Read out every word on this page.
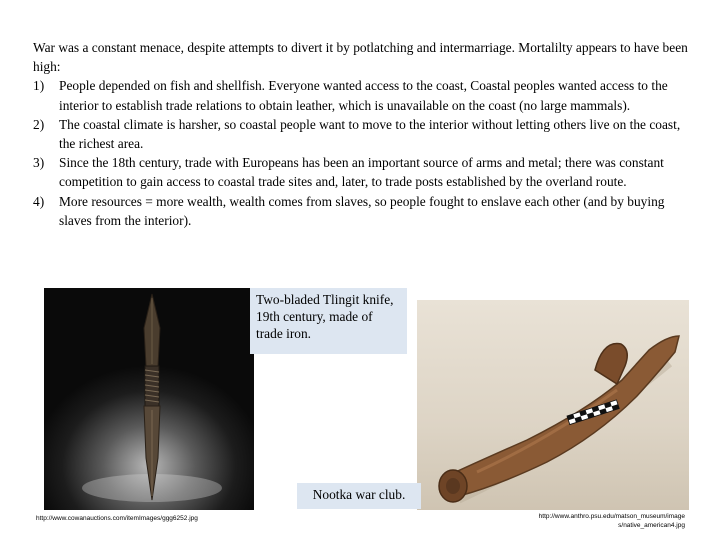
War was a constant menace, despite attempts to divert it by potlatching and intermarriage. Mortalilty appears to have been high:

1) People depended on fish and shellfish. Everyone wanted access to the coast, Coastal peoples wanted access to the interior to establish trade relations to obtain leather, which is unavailable on the coast (no large mammals).
2) The coastal climate is harsher, so coastal people want to move to the interior without letting others live on the coast, the richest area.
3) Since the 18th century, trade with Europeans has been an important source of arms and metal; there was constant competition to gain access to coastal trade sites and, later, to trade posts established by the overland route.
4) More resources = more wealth, wealth comes from slaves, so people fought to enslave each other (and by buying slaves from the interior).
Two-bladed Tlingit knife, 19th century, made of trade iron.
Nootka war club.
http://www.cowanauctions.com/itemImages/ggg6252.jpg	http://www.anthro.psu.edu/matson_museum/image s/native_american4.jpg
